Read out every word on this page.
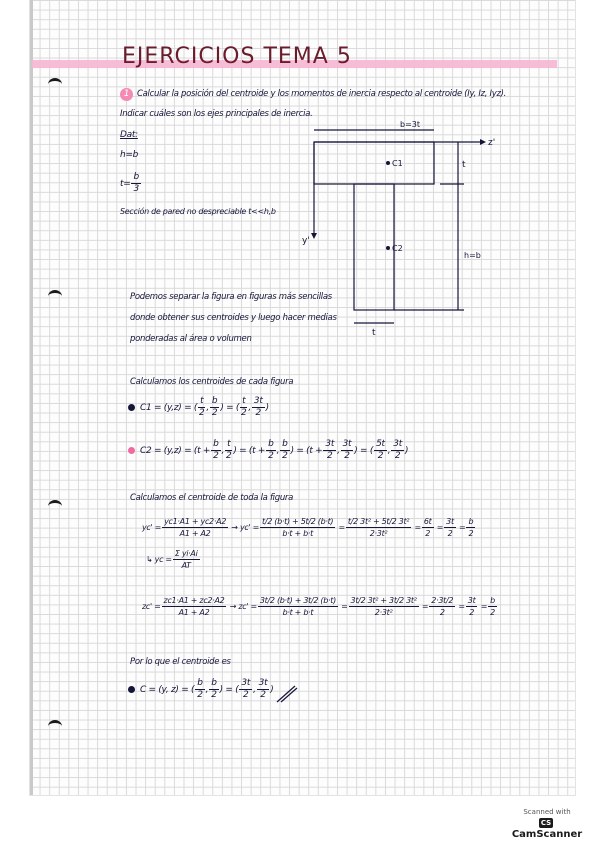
EJERCICIOS TEMA 5
1 Calcular la posición del centroide y los momentos de inercia respecto al centroide (Iy, Iz, Iyz).
Indicar cuáles son los ejes principales de inercia.
Dat:
h=b
$t= \frac{b}{3}$
Sección de pared no despreciable t<<h,b
b=3t
z'
y'
t
h=b
C1
C2
t
Podemos separar la figura en figuras más sencillas
donde obtener sus centroides y luego hacer medias
ponderadas al área o volumen
Calculamos los centroides de cada figura
C1 = (y,z) = ( $\frac{t}{2}$ , $\frac{b}{2}$ ) = ( $\frac{t}{2}$ , $\frac{3t}{2}$ )
$C2 = (y,z) = (t + \frac{b}{2}$ , $\frac{t}{2}$ ) = ($t + \frac{b}{2}$ , $\frac{b}{2}$ ) = ($t + \frac{3t}{2}$ , $\frac{3t}{2}$ ) = ( $\frac{5t}{2}$ , $\frac{3t}{2}$ )
Calculamos el centroide de toda la figura
$yc' = \frac{yc1\cdot A1 + yc2\cdot A2}{A1 + A2} \to yc' = \frac{t/2 (b\cdot t) + 5t/2 (b\cdot t)}{b\cdot t + b\cdot t} = \frac{\text{t/2 3t² + 5t/2 3t²}}{\text{2·3t²}} = \frac{6t}{2} = \frac{3t}{2} = \frac{b}{2}$
↳ yc = $\frac{\text{Σ yi·Ai}}{AT}$
$zc' = \frac{zc1\cdot A1 + zc2\cdot A2}{A1 + A2} \to zc' = \frac{3t/2 (b\cdot t) + 3t/2 (b\cdot t)}{b\cdot t + b\cdot t} = \frac{\text{3t/2 3t² + 3t/2 3t²}}{\text{2·3t²}} = \frac{2\cdot 3t/2}{2} = \frac{3t}{2} = \frac{b}{2}$
Por lo que el centroide es
C = (y, z) = ( $\frac{b}{2}$ , $\frac{b}{2}$ ) = ( $\frac{3t}{2}$ , $\frac{3t}{2}$ )
Scanned with
CSCamScanner
